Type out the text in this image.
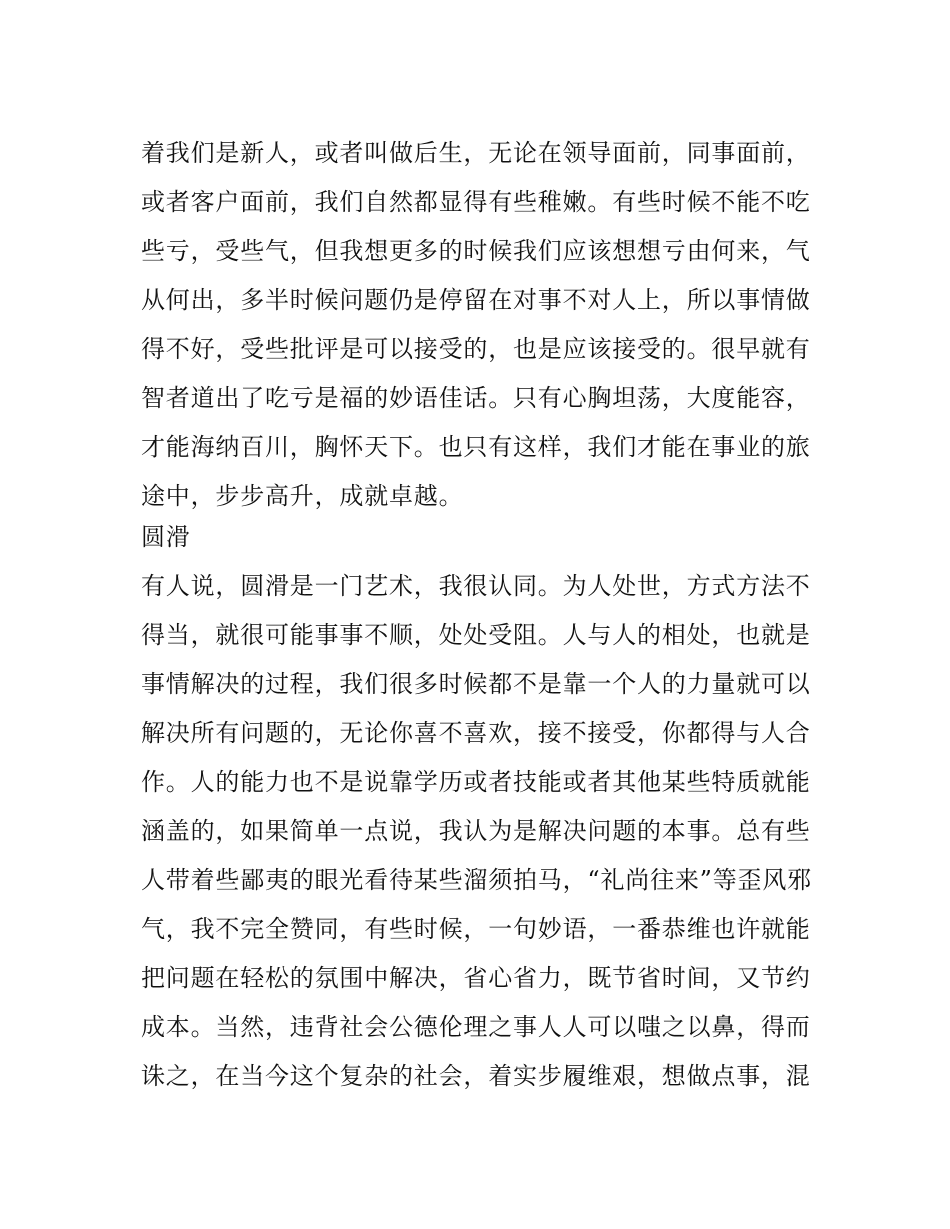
着我们是新人，或者叫做后生，无论在领导面前，同事面前，
或者客户面前，我们自然都显得有些稚嫩。有些时候不能不吃
些亏，受些气，但我想更多的时候我们应该想想亏由何来，气
从何出，多半时候问题仍是停留在对事不对人上，所以事情做
得不好，受些批评是可以接受的，也是应该接受的。很早就有
智者道出了吃亏是福的妙语佳话。只有心胸坦荡，大度能容，
才能海纳百川，胸怀天下。也只有这样，我们才能在事业的旅
途中，步步高升，成就卓越。
圆滑
有人说，圆滑是一门艺术，我很认同。为人处世，方式方法不
得当，就很可能事事不顺，处处受阻。人与人的相处，也就是
事情解决的过程，我们很多时候都不是靠一个人的力量就可以
解决所有问题的，无论你喜不喜欢，接不接受，你都得与人合
作。人的能力也不是说靠学历或者技能或者其他某些特质就能
涵盖的，如果简单一点说，我认为是解决问题的本事。总有些
人带着些鄙夷的眼光看待某些溜须拍马，“礼尚往来”等歪风邪
气，我不完全赞同，有些时候，一句妙语，一番恭维也许就能
把问题在轻松的氛围中解决，省心省力，既节省时间，又节约
成本。当然，违背社会公德伦理之事人人可以嗤之以鼻，得而
诛之，在当今这个复杂的社会，着实步履维艰，想做点事，混
